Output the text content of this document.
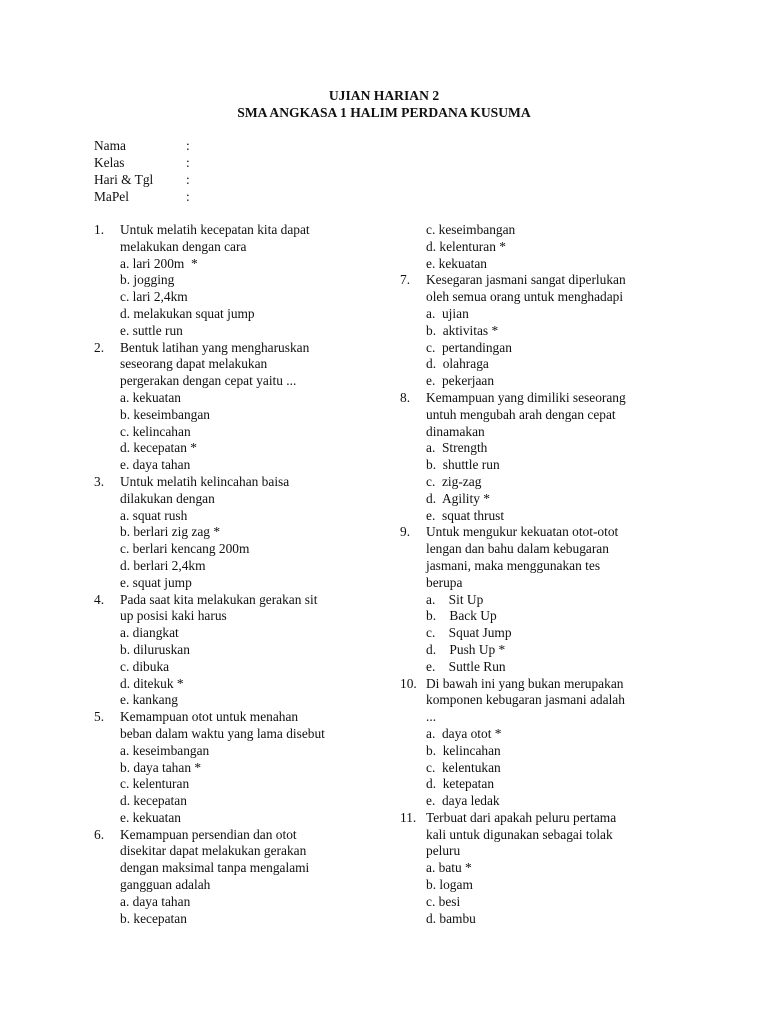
UJIAN HARIAN 2
SMA ANGKASA 1 HALIM PERDANA KUSUMA
Nama	:
Kelas	:
Hari & Tgl :
MaPel	:
1. Untuk melatih kecepatan kita dapat
melakukan dengan cara
a. lari 200m  *
b. jogging
c. lari 2,4km
d. melakukan squat jump
e. suttle run
2. Bentuk latihan yang mengharuskan
seseorang dapat melakukan
pergerakan dengan cepat yaitu ...
a. kekuatan
b. keseimbangan
c. kelincahan
d. kecepatan *
e. daya tahan
3. Untuk melatih kelincahan baisa
dilakukan dengan
a. squat rush
b. berlari zig zag *
c. berlari kencang 200m
d. berlari 2,4km
e. squat jump
4. Pada saat kita melakukan gerakan sit
up posisi kaki harus
a. diangkat
b. diluruskan
c. dibuka
d. ditekuk *
e. kankang
5. Kemampuan otot untuk menahan
beban dalam waktu yang lama disebut
a. keseimbangan
b. daya tahan *
c. kelenturan
d. kecepatan
e. kekuatan
6. Kemampuan persendian dan otot
disekitar dapat melakukan gerakan
dengan maksimal tanpa mengalami
gangguan adalah
a. daya tahan
b. kecepatan
c. keseimbangan
d. kelenturan *
e. kekuatan
7.	Kesegaran jasmani sangat diperlukan
oleh semua orang untuk menghadapi
a.  ujian
b.  aktivitas *
c.  pertandingan
d.  olahraga
e.  pekerjaan
8.	Kemampuan yang dimiliki seseorang
untuh mengubah arah dengan cepat
dinamakan
a.  Strength
b.  shuttle run
c.  zig-zag
d.  Agility *
e.  squat thrust
9.	Untuk mengukur kekuatan otot-otot
lengan dan bahu dalam kebugaran
jasmani, maka menggunakan tes
berupa
a.    Sit Up
b.    Back Up
c.    Squat Jump
d.    Push Up *
e.    Suttle Run
10. Di bawah ini yang bukan merupakan
komponen kebugaran jasmani adalah
...
a.  daya otot *
b.  kelincahan
c.  kelentukan
d.  ketepatan
e.  daya ledak
11. Terbuat dari apakah peluru pertama
kali untuk digunakan sebagai tolak
peluru
a. batu *
b. logam
c. besi
d. bambu
